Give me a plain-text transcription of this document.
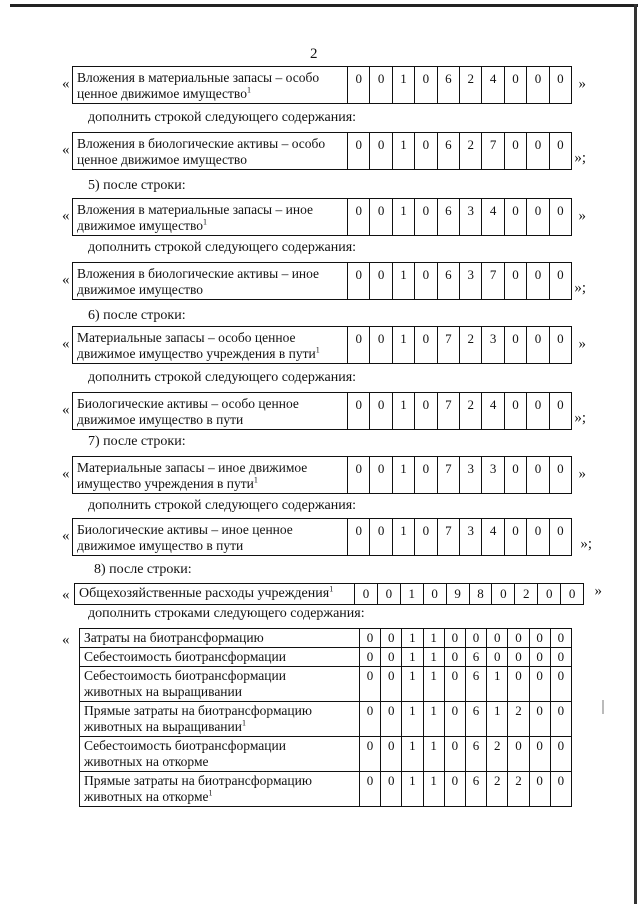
2
« Вложения в материальные запасы – особо
ценное движимое имущество$^1$
0	0	1	0	6	2	4	0	0	0 »
дополнить строкой следующего содержания:
« Вложения в биологические активы – особо
ценное движимое имущество
0	0	1	0	6	2	7	0	0	0
»;
5) после строки:
« Вложения в материальные запасы – иное
движимое имущество$^1$
0	0	1	0	6	3	4	0	0	0 »
дополнить строкой следующего содержания:
« Вложения в биологические активы – иное
движимое имущество
0	0	1	0	6	3	7	0	0	0
»;
6) после строки:
« Материальные запасы – особо ценное
движимое имущество учреждения в пути$^1$
0	0	1	0	7	2	3	0	0	0 »
дополнить строкой следующего содержания:
« Биологические активы – особо ценное
движимое имущество в пути
0	0	1	0	7	2	4	0	0	0
»;
7) после строки:
« Материальные запасы – иное движимое
имущество учреждения в пути$^1$
0	0	1	0	7	3	3	0	0	0 »
дополнить строкой следующего содержания:
« Биологические активы – иное ценное
движимое имущество в пути
0	0	1	0	7	3	4	0	0	0
»;
8) после строки:
« Общехозяйственные расходы учреждения$^1$	0	0	1	0	9	8	0	2	0	0	»
дополнить строками следующего содержания:
« Затраты на биотрансформацию	0	0	1	1	0	0	0	0	0	0
Себестоимость биотрансформации	0	0	1	1	0	6	0	0	0	0
Себестоимость биотрансформации
животных на выращивании	0	0	1	1	0	6	1	0	0	0
Прямые затраты на биотрансформацию
животных на выращивании$^1$	0	0	1	1	0	6	1	2	0	0
Себестоимость биотрансформации
животных на откорме	0	0	1	1	0	6	2	0	0	0
Прямые затраты на биотрансформацию
животных на откорме$^1$	0	0	1	1	0	6	2	2	0	0
